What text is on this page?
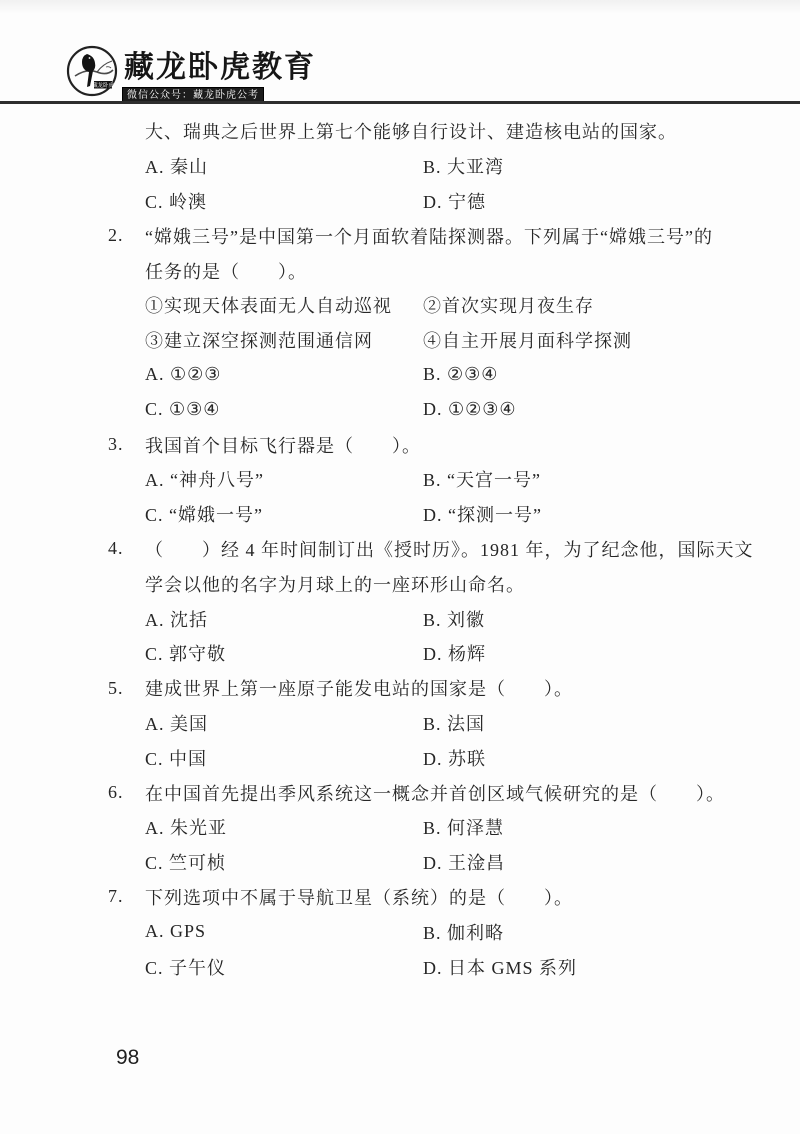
藏龙卧虎
藏龙卧虎教育
微信公众号：藏龙卧虎公考
大、瑞典之后世界上第七个能够自行设计、建造核电站的国家。
A. 秦山	B. 大亚湾
C. 岭澳	D. 宁德
2.	“嫦娥三号”是中国第一个月面软着陆探测器。下列属于“嫦娥三号”的
任务的是（　　）。
①实现天体表面无人自动巡视	②首次实现月夜生存
③建立深空探测范围通信网	④自主开展月面科学探测
A. ①②③	B. ②③④
C. ①③④	D. ①②③④
3.	我国首个目标飞行器是（　　）。
A. “神舟八号”	B. “天宫一号”
C. “嫦娥一号”	D. “探测一号”
4.	（　　）经 4 年时间制订出《授时历》。1981 年，为了纪念他，国际天文
学会以他的名字为月球上的一座环形山命名。
A. 沈括	B. 刘徽
C. 郭守敬	D. 杨辉
5.	建成世界上第一座原子能发电站的国家是（　　）。
A. 美国	B. 法国
C. 中国	D. 苏联
6.	在中国首先提出季风系统这一概念并首创区域气候研究的是（　　）。
A. 朱光亚	B. 何泽慧
C. 竺可桢	D. 王淦昌
7.	下列选项中不属于导航卫星（系统）的是（　　）。
A. GPS	B. 伽利略
C. 子午仪	D. 日本 GMS 系列
98
